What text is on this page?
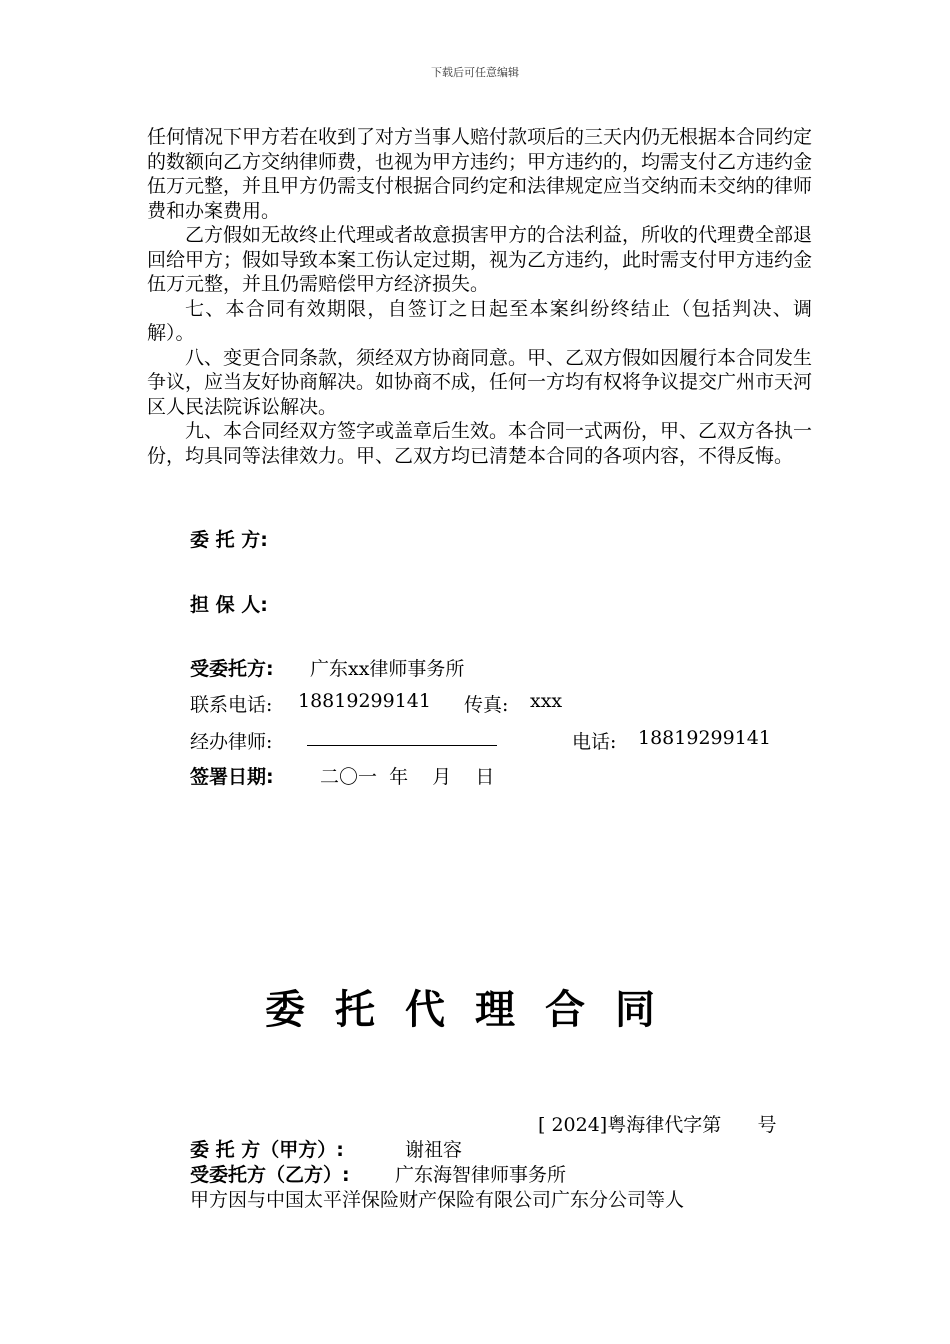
下载后可任意编辑

任何情况下甲方若在收到了对方当事人赔付款项后的三天内仍无根据本合同约定的数额向乙方交纳律师费，也视为甲方违约；甲方违约的，均需支付乙方违约金伍万元整，并且甲方仍需支付根据合同约定和法律规定应当交纳而未交纳的律师费和办案费用。

乙方假如无故终止代理或者故意损害甲方的合法利益，所收的代理费全部退回给甲方；假如导致本案工伤认定过期，视为乙方违约，此时需支付甲方违约金伍万元整，并且仍需赔偿甲方经济损失。

七、本合同有效期限，自签订之日起至本案纠纷终结止（包括判决、调解）。

八、变更合同条款，须经双方协商同意。甲、乙双方假如因履行本合同发生争议，应当友好协商解决。如协商不成，任何一方均有权将争议提交广州市天河区人民法院诉讼解决。

九、本合同经双方签字或盖章后生效。本合同一式两份，甲、乙双方各执一份，均具同等法律效力。甲、乙双方均已清楚本合同的各项内容，不得反悔。

委 托 方:
担 保 人:
受委托方: 广东xx律师事务所
联系电话: 18819299141 传真: xxx
经办律师:	电话: 18819299141
签署日期: 二〇一  年    月    日
委托代理合同
[ 2024]粤海律代字第      号
委 托 方（甲方）:	谢祖容
受委托方（乙方）: 广东海智律师事务所
甲方因与中国太平洋保险财产保险有限公司广东分公司等人
